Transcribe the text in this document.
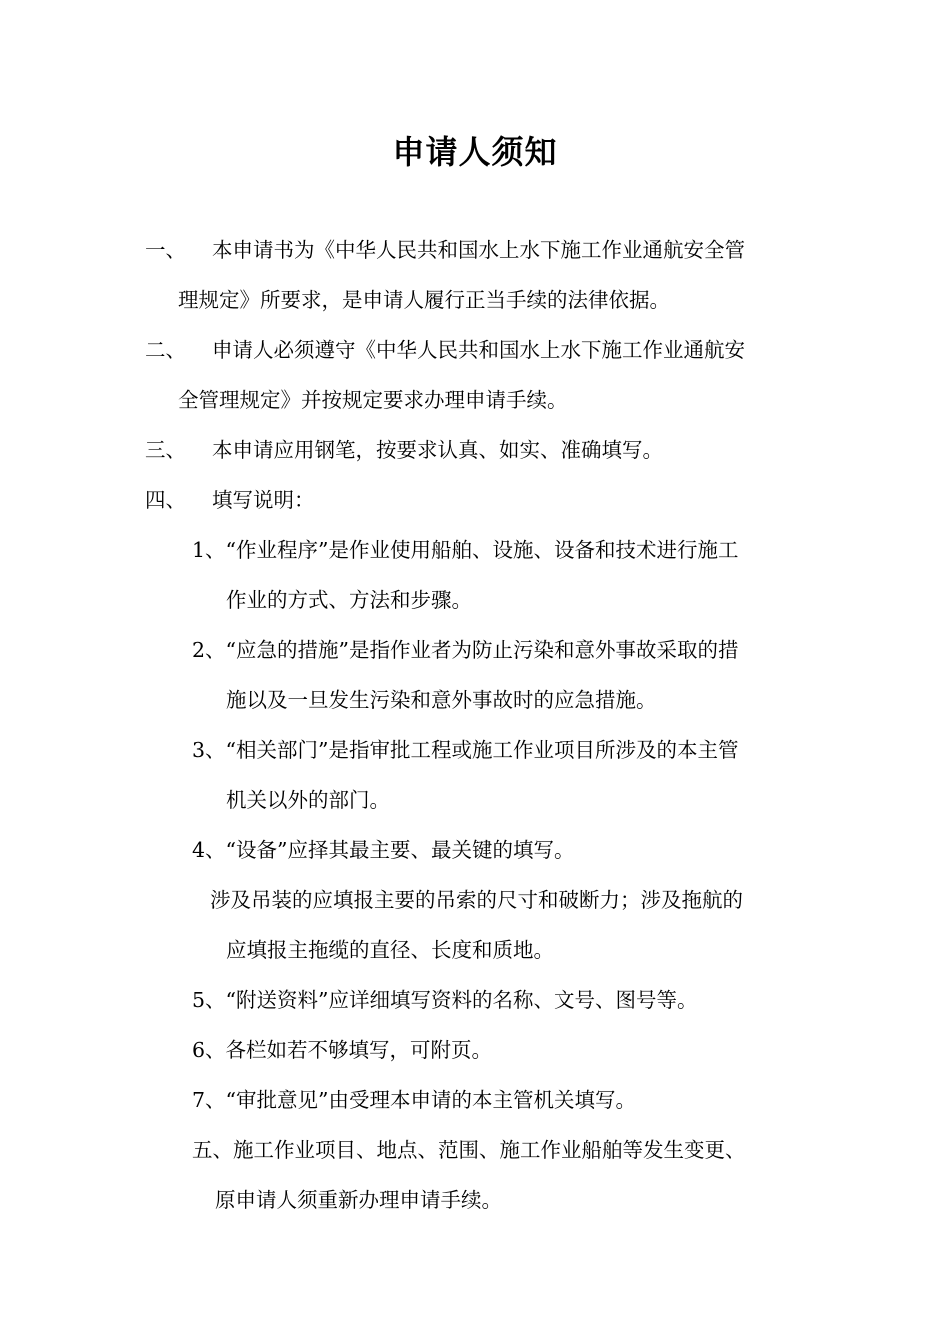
申请人须知
一、 本申请书为《中华人民共和国水上水下施工作业通航安全管
理规定》所要求，是申请人履行正当手续的法律依据。
二、 申请人必须遵守《中华人民共和国水上水下施工作业通航安
全管理规定》并按规定要求办理申请手续。
三、 本申请应用钢笔，按要求认真、如实、准确填写。
四、 填写说明：
1、“作业程序”是作业使用船舶、设施、设备和技术进行施工
作业的方式、方法和步骤。
2、“应急的措施”是指作业者为防止污染和意外事故采取的措
施以及一旦发生污染和意外事故时的应急措施。
3、“相关部门”是指审批工程或施工作业项目所涉及的本主管
机关以外的部门。
4、“设备”应择其最主要、最关键的填写。
涉及吊装的应填报主要的吊索的尺寸和破断力；涉及拖航的
应填报主拖缆的直径、长度和质地。
5、“附送资料”应详细填写资料的名称、文号、图号等。
6、各栏如若不够填写，可附页。
7、“审批意见”由受理本申请的本主管机关填写。
五、施工作业项目、地点、范围、施工作业船舶等发生变更、
原申请人须重新办理申请手续。
